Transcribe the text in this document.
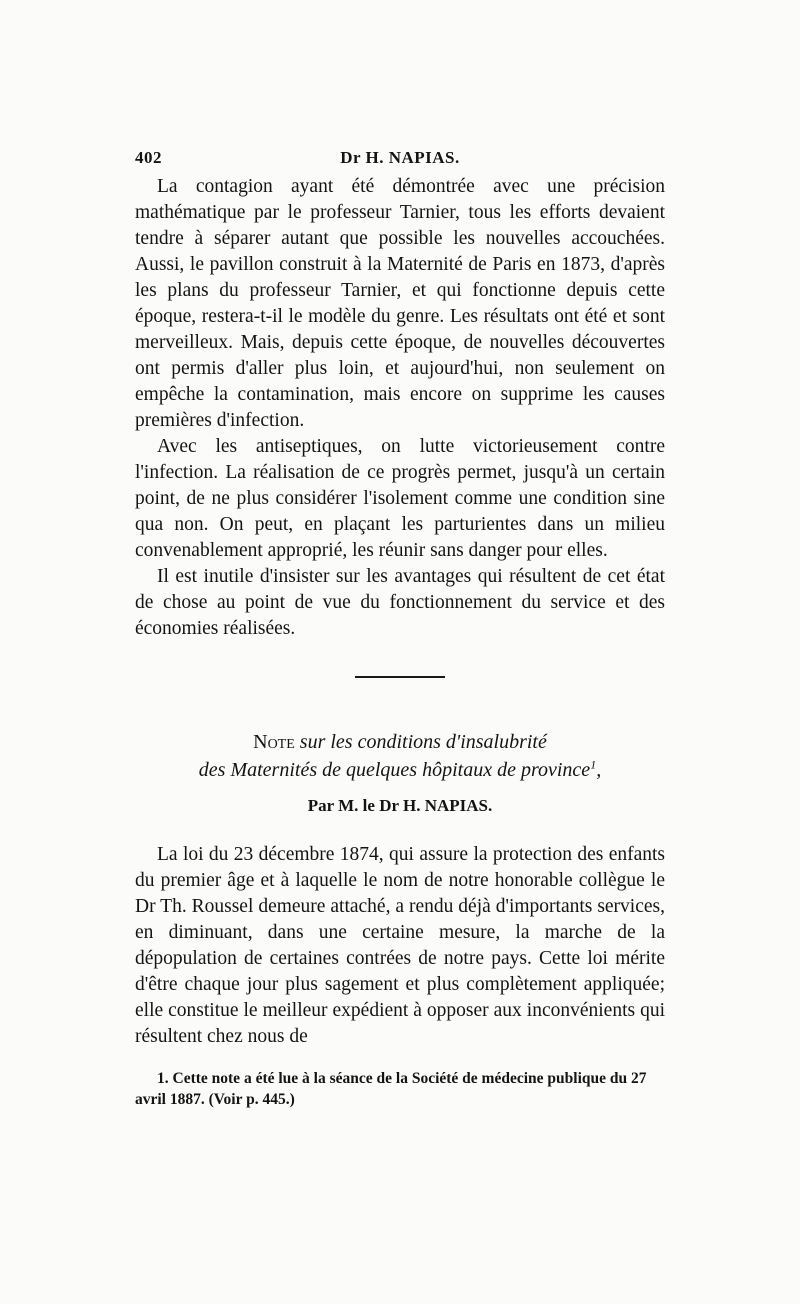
402	Dr H. NAPIAS.

La contagion ayant été démontrée avec une précision mathématique par le professeur Tarnier, tous les efforts devaient tendre à séparer autant que possible les nouvelles accouchées. Aussi, le pavillon construit à la Maternité de Paris en 1873, d'après les plans du professeur Tarnier, et qui fonctionne depuis cette époque, restera-t-il le modèle du genre. Les résultats ont été et sont merveilleux. Mais, depuis cette époque, de nouvelles découvertes ont permis d'aller plus loin, et aujourd'hui, non seulement on empêche la contamination, mais encore on supprime les causes premières d'infection.

Avec les antiseptiques, on lutte victorieusement contre l'infection. La réalisation de ce progrès permet, jusqu'à un certain point, de ne plus considérer l'isolement comme une condition sine qua non. On peut, en plaçant les parturientes dans un milieu convenablement approprié, les réunir sans danger pour elles.

Il est inutile d'insister sur les avantages qui résultent de cet état de chose au point de vue du fonctionnement du service et des économies réalisées.

Note sur les conditions d'insalubrité
des Maternités de quelques hôpitaux de province$^1$,
Par M. le Dr H. NAPIAS.

La loi du 23 décembre 1874, qui assure la protection des enfants du premier âge et à laquelle le nom de notre honorable collègue le Dr Th. Roussel demeure attaché, a rendu déjà d'importants services, en diminuant, dans une certaine mesure, la marche de la dépopulation de certaines contrées de notre pays. Cette loi mérite d'être chaque jour plus sagement et plus complètement appliquée; elle constitue le meilleur expédient à opposer aux inconvénients qui résultent chez nous de

1. Cette note a été lue à la séance de la Société de médecine publique du 27 avril 1887. (Voir p. 445.)
